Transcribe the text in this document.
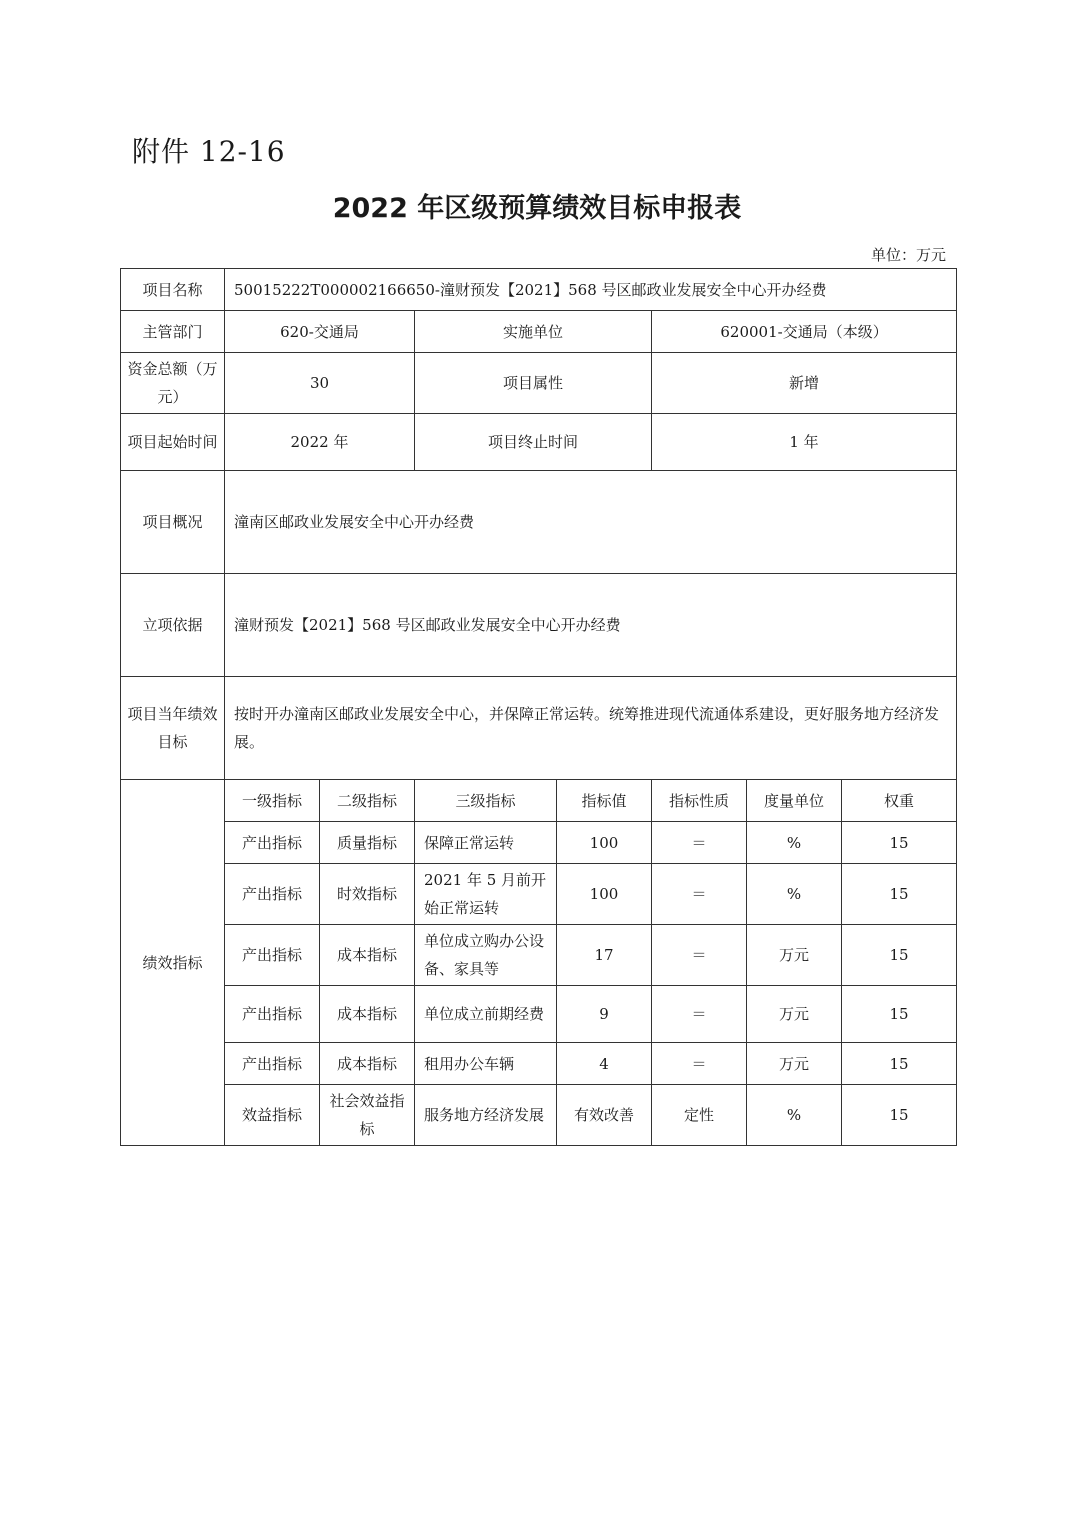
附件 12-16
2022 年区级预算绩效目标申报表
单位：万元
项目名称	50015222T000002166650-潼财预发【2021】568 号区邮政业发展安全中心开办经费						
主管部门	620-交通局		实施单位		620001-交通局（本级）		
资金总额（万元）	30		项目属性		新增		
项目起始时间	2022 年		项目终止时间		1 年		
项目概况	潼南区邮政业发展安全中心开办经费						
立项依据	潼财预发【2021】568 号区邮政业发展安全中心开办经费						
项目当年绩效目标	按时开办潼南区邮政业发展安全中心，并保障正常运转。统筹推进现代流通体系建设，更好服务地方经济发展。						
绩效指标	一级指标	二级指标	三级指标	指标值	指标性质	度量单位	权重
	产出指标	质量指标	保障正常运转	100	＝	%	15
	产出指标	时效指标	2021 年 5 月前开始正常运转	100	＝	%	15
	产出指标	成本指标	单位成立购办公设备、家具等	17	＝	万元	15
	产出指标	成本指标	单位成立前期经费	9	＝	万元	15
	产出指标	成本指标	租用办公车辆	4	＝	万元	15
	效益指标	社会效益指标	服务地方经济发展	有效改善	定性	%	15
